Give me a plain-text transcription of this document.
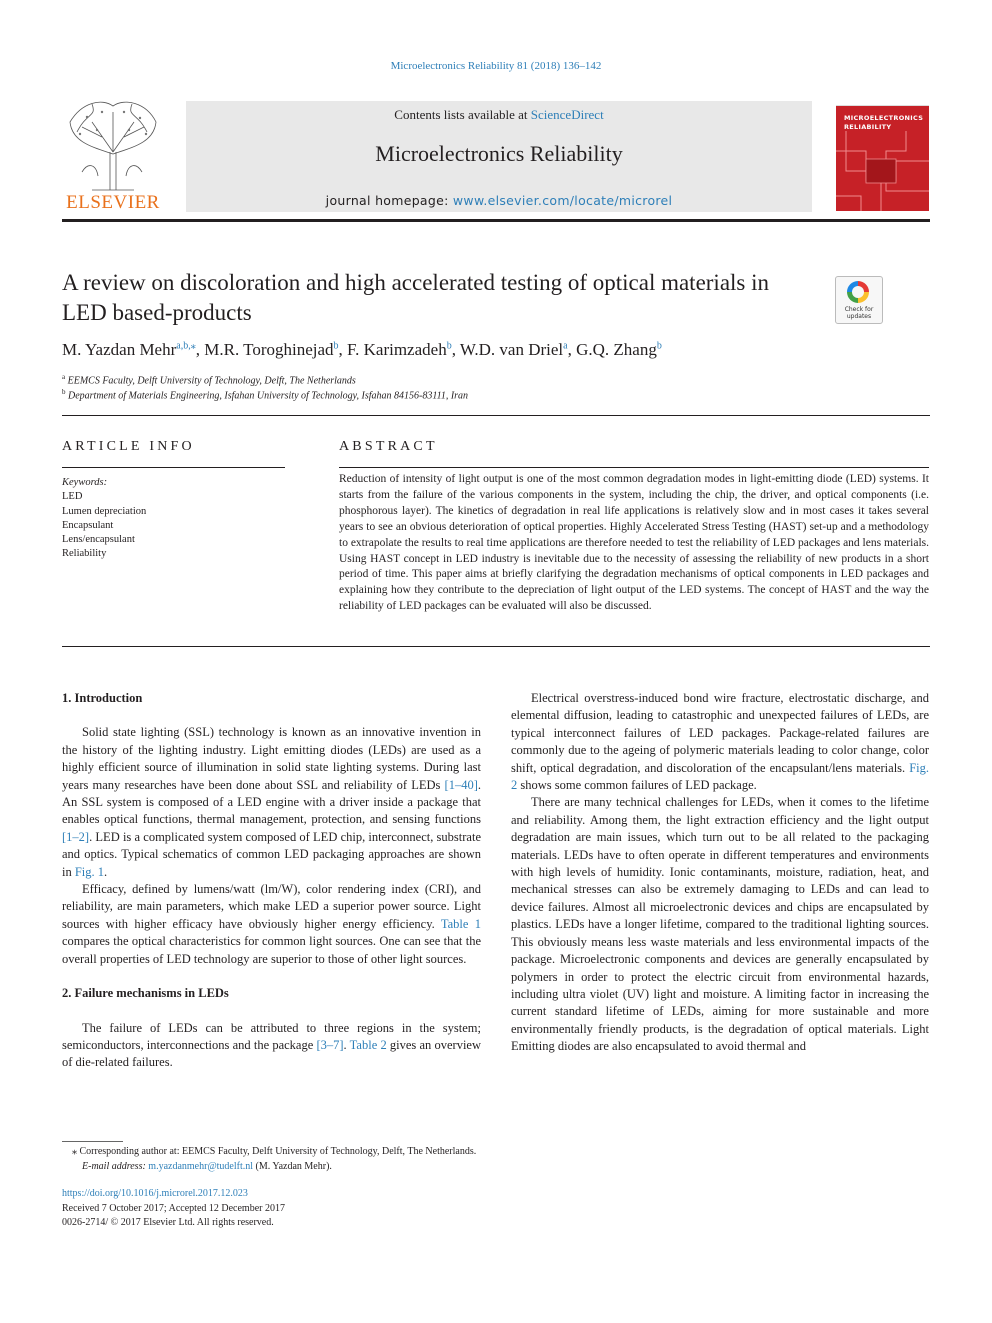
Microelectronics Reliability 81 (2018) 136–142
ELSEVIER
Contents lists available at ScienceDirect
Microelectronics Reliability
journal homepage: www.elsevier.com/locate/microrel
MICROELECTRONICS
RELIABILITY
A review on discoloration and high accelerated testing of optical materials in
LED based-products	Check for
updates
M. Yazdan Mehr$^{a,b,⁎}$, M.R. Toroghinejad$^b$, F. Karimzadeh$^b$, W.D. van Driel$^a$, G.Q. Zhang$^b$
$^a$ EEMCS Faculty, Delft University of Technology, Delft, The Netherlands
$^b$ Department of Materials Engineering, Isfahan University of Technology, Isfahan 84156-83111, Iran
ARTICLE INFO
Keywords:
LED
Lumen depreciation
Encapsulant
Lens/encapsulant
Reliability
ABSTRACT
Reduction of intensity of light output is one of the most common degradation modes in light-emitting diode (LED) systems. It starts from the failure of the various components in the system, including the chip, the driver, and optical components (i.e. phosphorous layer). The kinetics of degradation in real life applications is relatively slow and in most cases it takes several years to see an obvious deterioration of optical properties. Highly Accelerated Stress Testing (HAST) set-up and a methodology to extrapolate the results to real time applications are therefore needed to test the reliability of LED packages and lens materials. Using HAST concept in LED industry is inevitable due to the necessity of assessing the reliability of new products in a short period of time. This paper aims at briefly clarifying the degradation mechanisms of optical components in LED packages and explaining how they contribute to the depreciation of light output of the LED systems. The concept of HAST and the way the reliability of LED packages can be evaluated will also be discussed.
1. Introduction

Solid state lighting (SSL) technology is known as an innovative invention in the history of the lighting industry. Light emitting diodes (LEDs) are used as a highly efficient source of illumination in solid state lighting systems. During last years many researches have been done about SSL and reliability of LEDs [1–40]. An SSL system is composed of a LED engine with a driver inside a package that enables optical functions, thermal management, protection, and sensing functions [1–2]. LED is a complicated system composed of LED chip, interconnect, substrate and optics. Typical schematics of common LED packaging approaches are shown in Fig. 1.

Efficacy, defined by lumens/watt (lm/W), color rendering index (CRI), and reliability, are main parameters, which make LED a superior power source. Light sources with higher efficacy have obviously higher energy efficiency. Table 1 compares the optical characteristics for common light sources. One can see that the overall properties of LED technology are superior to those of other light sources.

2. Failure mechanisms in LEDs

The failure of LEDs can be attributed to three regions in the system; semiconductors, interconnections and the package [3–7]. Table 2 gives an overview of die-related failures.

Electrical overstress-induced bond wire fracture, electrostatic discharge, and elemental diffusion, leading to catastrophic and unexpected failures of LEDs, are typical interconnect failures of LED packages. Package-related failures are commonly due to the ageing of polymeric materials leading to color change, color shift, optical degradation, and discoloration of the encapsulant/lens materials. Fig. 2 shows some common failures of LED package.

There are many technical challenges for LEDs, when it comes to the lifetime and reliability. Among them, the light extraction efficiency and the light output degradation are main issues, which turn out to be all related to the packaging materials. LEDs have to often operate in different temperatures and environments with high levels of humidity. Ionic contaminants, moisture, radiation, heat, and mechanical stresses can also be extremely damaging to LEDs and can lead to device failures. Almost all microelectronic devices and chips are encapsulated by plastics. LEDs have a longer lifetime, compared to the traditional lighting sources. This obviously means less waste materials and less environmental impacts of the package. Microelectronic components and devices are generally encapsulated by polymers in order to protect the electric circuit from environmental hazards, including ultra violet (UV) light and moisture. A limiting factor in increasing the current standard lifetime of LEDs, aiming for more sustainable and more environmentally friendly products, is the degradation of optical materials. Light Emitting diodes are also encapsulated to avoid thermal and

⁎ Corresponding author at: EEMCS Faculty, Delft University of Technology, Delft, The Netherlands.
E-mail address: m.yazdanmehr@tudelft.nl (M. Yazdan Mehr).
https://doi.org/10.1016/j.microrel.2017.12.023
Received 7 October 2017; Accepted 12 December 2017
0026-2714/ © 2017 Elsevier Ltd. All rights reserved.
